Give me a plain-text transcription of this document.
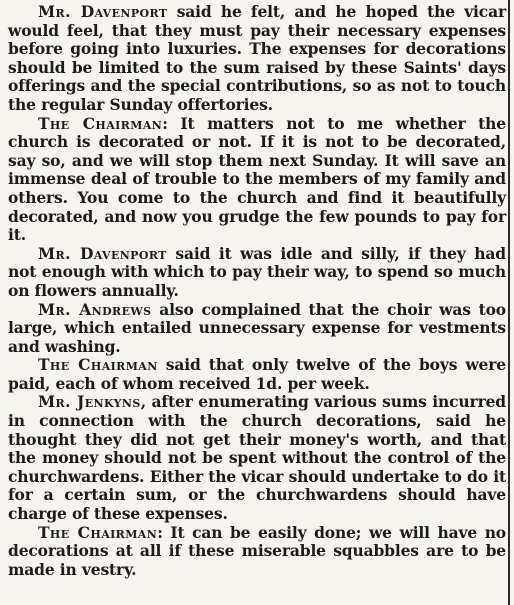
Mr. Davenport said he felt, and he hoped the vicar would feel, that they must pay their necessary expenses before going into luxuries. The expenses for decorations should be limited to the sum raised by these Saints' days offerings and the special contributions, so as not to touch the regular Sunday offertories.

The Chairman: It matters not to me whether the church is decorated or not. If it is not to be decorated, say so, and we will stop them next Sunday. It will save an immense deal of trouble to the members of my family and others. You come to the church and find it beautifully decorated, and now you grudge the few pounds to pay for it.

Mr. Davenport said it was idle and silly, if they had not enough with which to pay their way, to spend so much on flowers annually.

Mr. Andrews also complained that the choir was too large, which entailed unnecessary expense for vestments and washing.

The Chairman said that only twelve of the boys were paid, each of whom received 1d. per week.

Mr. Jenkyns, after enumerating various sums incurred in connection with the church decorations, said he thought they did not get their money's worth, and that the money should not be spent without the control of the churchwardens. Either the vicar should undertake to do it for a certain sum, or the churchwardens should have charge of these expenses.

The Chairman: It can be easily done; we will have no decorations at all if these miserable squabbles are to be made in vestry.
